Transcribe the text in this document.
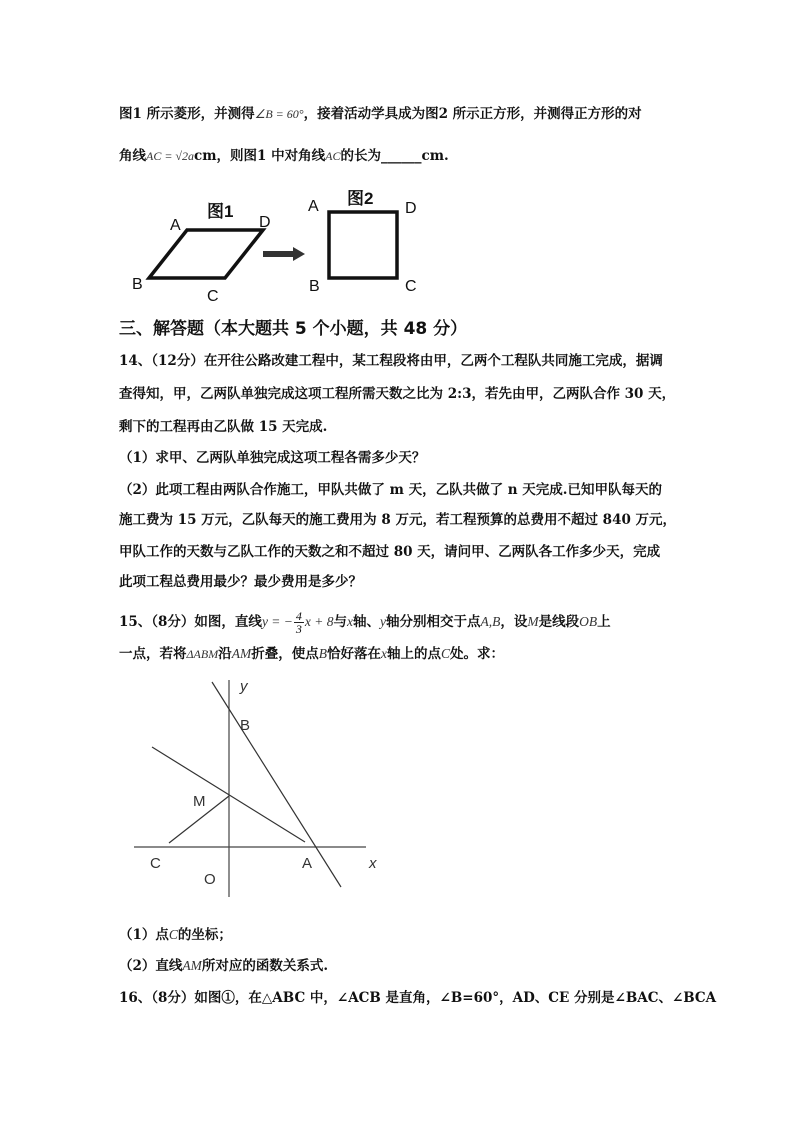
图1 所示菱形，并测得∠B = 60°，接着活动学具成为图2 所示正方形，并测得正方形的对
角线AC = √2acm，则图1 中对角线AC的长为______cm.
图1
A	D
B
C
图2
A	D
B	C
三、解答题（本大题共 5 个小题，共 48 分）
14、（12分）在开往公路改建工程中，某工程段将由甲，乙两个工程队共同施工完成，据调
查得知，甲，乙两队单独完成这项工程所需天数之比为 2:3，若先由甲，乙两队合作 30 天，
剩下的工程再由乙队做 15 天完成.
（1）求甲、乙两队单独完成这项工程各需多少天？
（2）此项工程由两队合作施工，甲队共做了 m 天，乙队共做了 n 天完成.已知甲队每天的
施工费为 15 万元，乙队每天的施工费用为 8 万元，若工程预算的总费用不超过 840 万元，
甲队工作的天数与乙队工作的天数之和不超过 80 天，请问甲、乙两队各工作多少天，完成
此项工程总费用最少？最少费用是多少？
15、（8分）如图，直线y = − $\frac{4}{3}$ x + 8与x轴、y轴分别相交于点A,B，设M是线段OB上
一点，若将ΔABM沿AM折叠，使点B恰好落在x轴上的点C处。求：
y
x
B
M
C
O
A
（1）点C的坐标；
（2）直线AM所对应的函数关系式.
16、（8分）如图①，在△ABC 中，∠ACB 是直角，∠B=60°，AD、CE 分别是∠BAC、∠BCA
